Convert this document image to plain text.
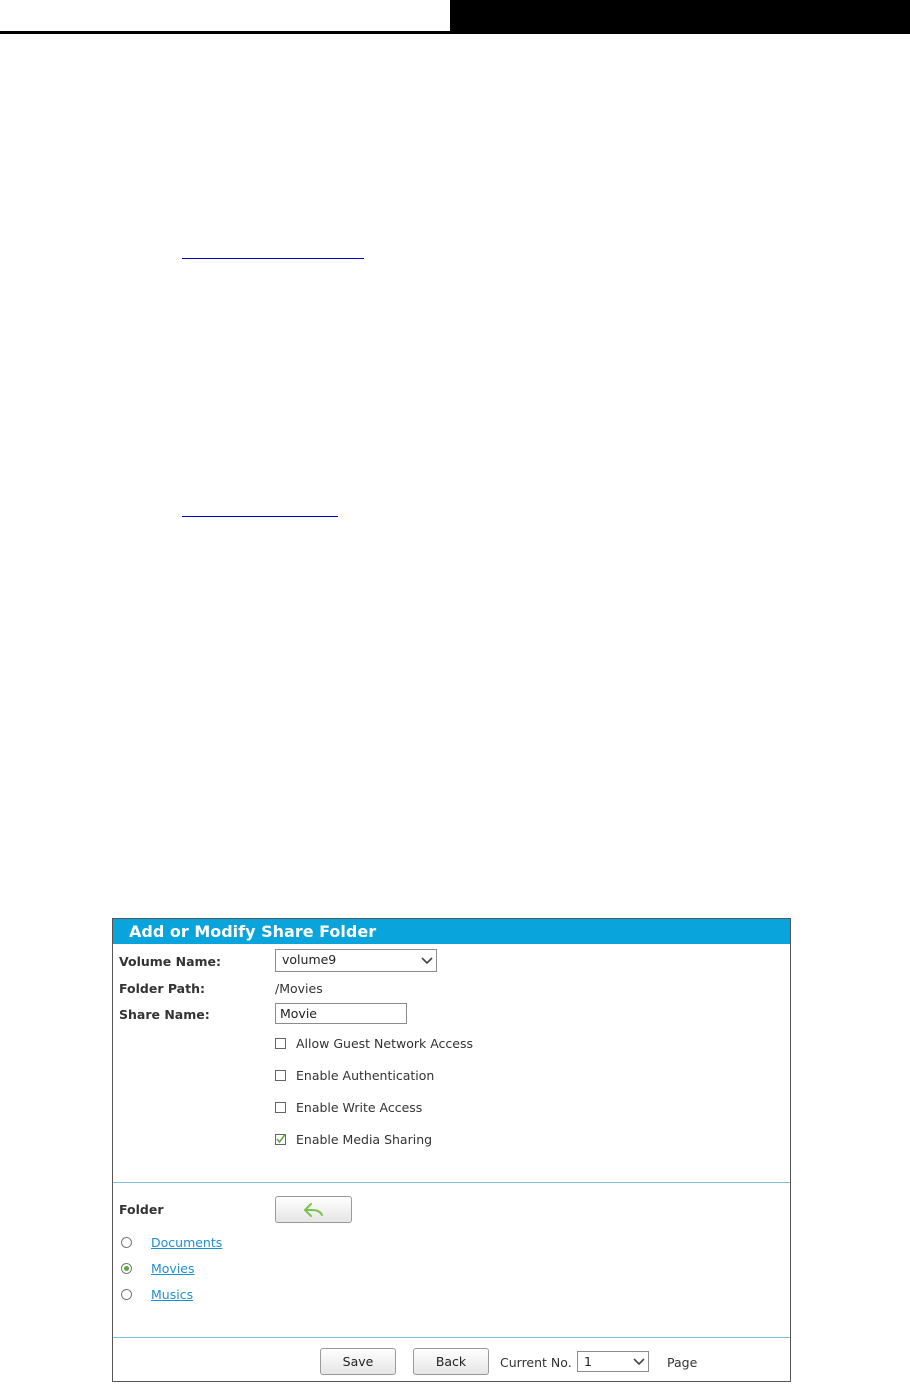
Add or Modify Share Folder
Volume Name:	volume9
Folder Path:	/Movies
Share Name:	Movie
Allow Guest Network Access
Enable Authentication
Enable Write Access
Enable Media Sharing
Folder
Documents
Movies
Musics
Save	Back	Current No. 1	Page
